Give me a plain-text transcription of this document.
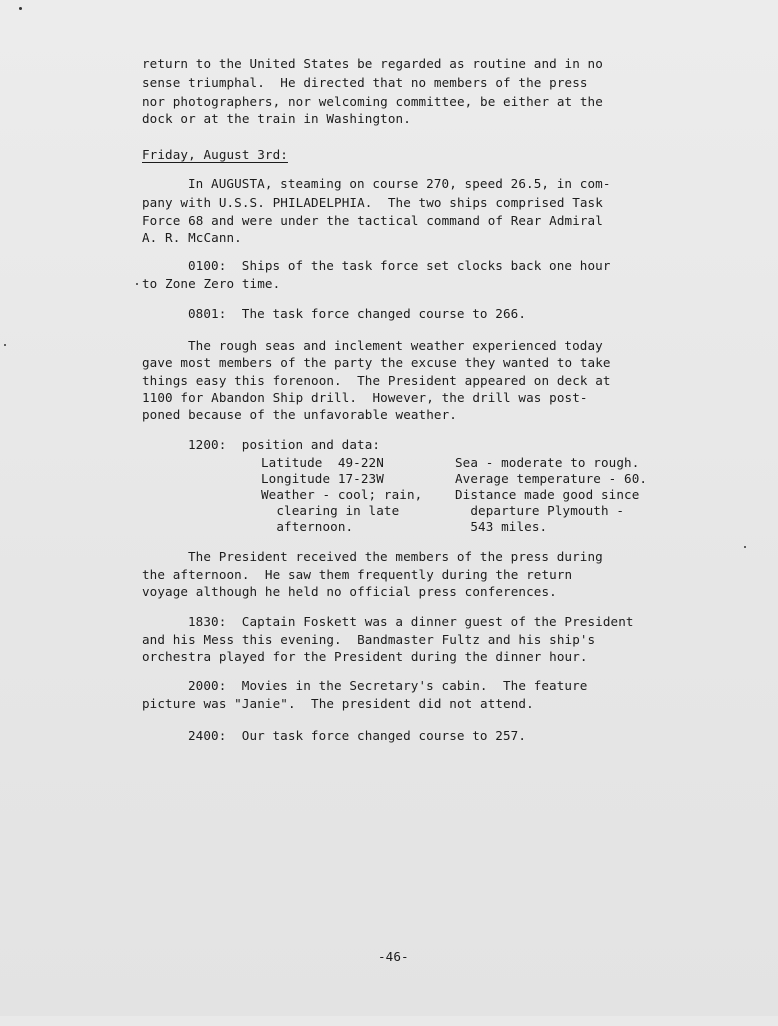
return to the United States be regarded as routine and in no

sense triumphal.  He directed that no members of the press

nor photographers, nor welcoming committee, be either at the

dock or at the train in Washington.

Friday, August 3rd:

In AUGUSTA, steaming on course 270, speed 26.5, in com-

pany with U.S.S. PHILADELPHIA.  The two ships comprised Task

Force 68 and were under the tactical command of Rear Admiral

A. R. McCann.

0100:  Ships of the task force set clocks back one hour

to Zone Zero time.

0801:  The task force changed course to 266.

The rough seas and inclement weather experienced today

gave most members of the party the excuse they wanted to take

things easy this forenoon.  The President appeared on deck at

1100 for Abandon Ship drill.  However, the drill was post-

poned because of the unfavorable weather.

1200:  position and data:

Latitude  49-22N

Longitude 17-23W

Weather - cool; rain,

clearing in late

afternoon.

Sea - moderate to rough.

Average temperature - 60.

Distance made good since

departure Plymouth -

543 miles.

The President received the members of the press during

the afternoon.  He saw them frequently during the return

voyage although he held no official press conferences.

1830:  Captain Foskett was a dinner guest of the President

and his Mess this evening.  Bandmaster Fultz and his ship's

orchestra played for the President during the dinner hour.

2000:  Movies in the Secretary's cabin.  The feature

picture was "Janie".  The president did not attend.

2400:  Our task force changed course to 257.

-46-
